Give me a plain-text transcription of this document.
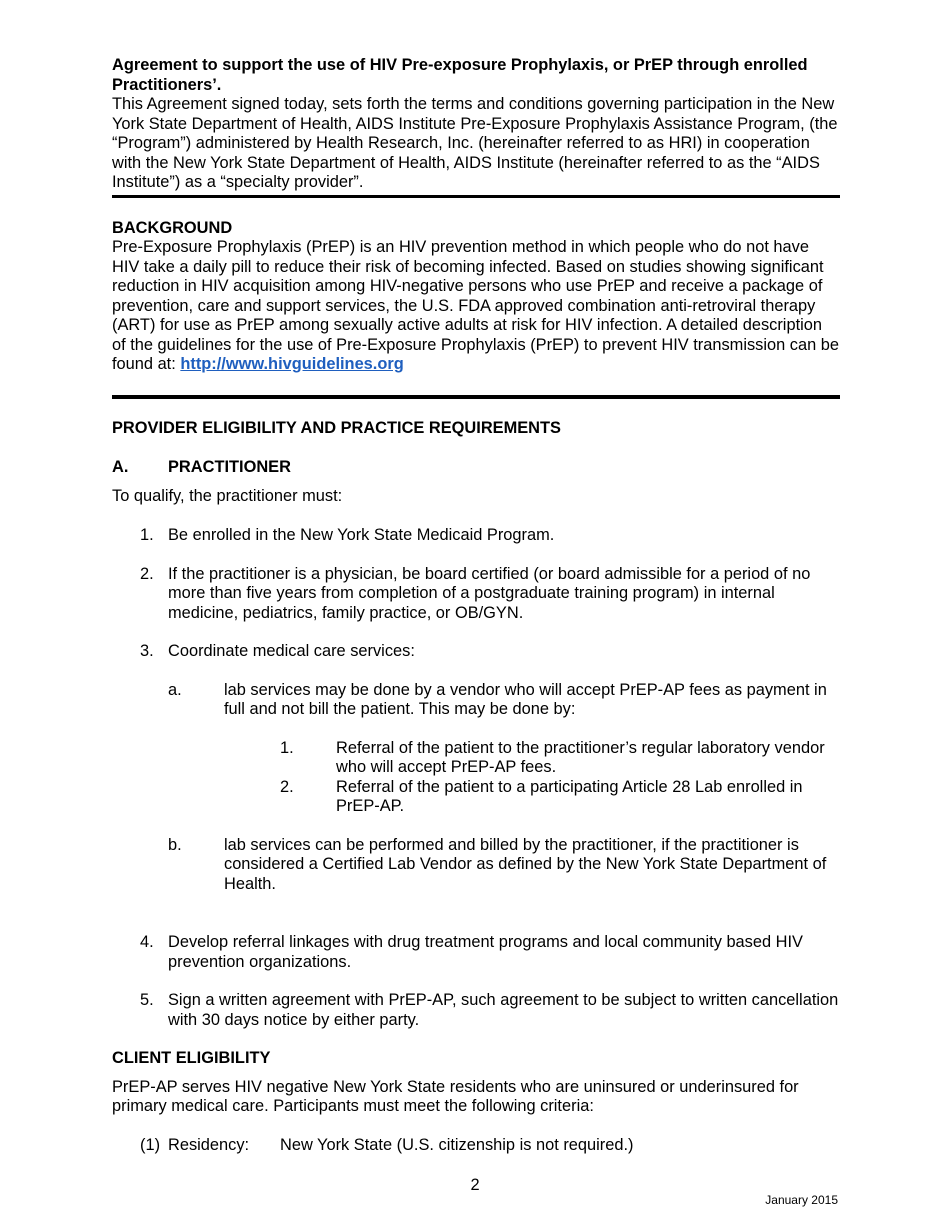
Agreement to support the use of HIV Pre-exposure Prophylaxis, or PrEP through enrolled Practitioners’.

This Agreement signed today, sets forth the terms and conditions governing participation in the New York State Department of Health, AIDS Institute Pre-Exposure Prophylaxis Assistance Program, (the “Program”) administered by Health Research, Inc. (hereinafter referred to as HRI) in cooperation with the New York State Department of Health, AIDS Institute (hereinafter referred to as the “AIDS Institute”) as a “specialty provider”.

BACKGROUND

Pre-Exposure Prophylaxis (PrEP) is an HIV prevention method in which people who do not have HIV take a daily pill to reduce their risk of becoming infected. Based on studies showing significant reduction in HIV acquisition among HIV-negative persons who use PrEP and receive a package of prevention, care and support services, the U.S. FDA approved combination anti-retroviral therapy (ART) for use as PrEP among sexually active adults at risk for HIV infection. A detailed description of the guidelines for the use of Pre-Exposure Prophylaxis (PrEP) to prevent HIV transmission can be found at: http://www.hivguidelines.org

PROVIDER ELIGIBILITY AND PRACTICE REQUIREMENTS

A.	PRACTITIONER

To qualify, the practitioner must:

1. Be enrolled in the New York State Medicaid Program.
2. If the practitioner is a physician, be board certified (or board admissible for a period of no more than five years from completion of a postgraduate training program) in internal medicine, pediatrics, family practice, or OB/GYN.
3. Coordinate medical care services:
a.	lab services may be done by a vendor who will accept PrEP-AP fees as payment in full and not bill the patient. This may be done by:
1.	Referral of the patient to the practitioner’s regular laboratory vendor who will accept PrEP-AP fees.
2.	Referral of the patient to a participating Article 28 Lab enrolled in PrEP-AP.
b.	lab services can be performed and billed by the practitioner, if the practitioner is considered a Certified Lab Vendor as defined by the New York State Department of Health.
4. Develop referral linkages with drug treatment programs and local community based HIV prevention organizations.
5. Sign a written agreement with PrEP-AP, such agreement to be subject to written cancellation with 30 days notice by either party.

CLIENT ELIGIBILITY

PrEP-AP serves HIV negative New York State residents who are uninsured or underinsured for primary medical care. Participants must meet the following criteria:

(1) Residency:	New York State (U.S. citizenship is not required.)
2
January 2015
